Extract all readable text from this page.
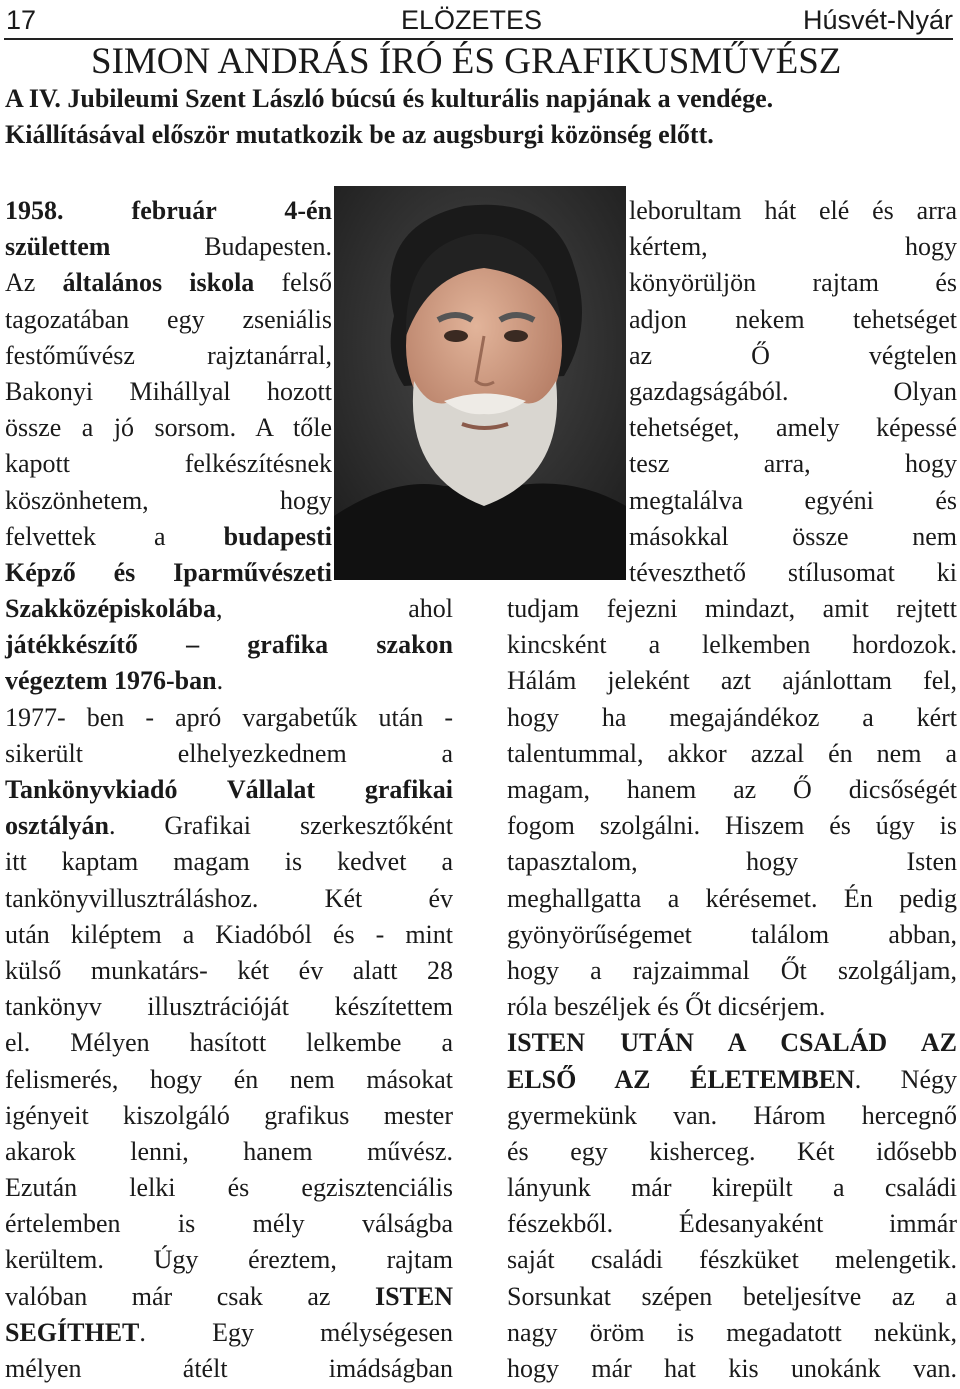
17	ELÖZETES	Húsvét-Nyár
SIMON ANDRÁS ÍRÓ ÉS GRAFIKUSMŰVÉSZ

A IV. Jubileumi Szent László búcsú és kulturális napjának a vendége.

Kiállításával először mutatkozik be az augsburgi közönség előtt.

1958. február 4-én
születtem Budapesten.
Az általános iskola felső
tagozatában egy zseniális
festőművész rajztanárral,
Bakonyi Mihállyal hozott
össze a jó sorsom. A tőle
kapott felkészítésnek
köszönhetem, hogy
felvettek a budapesti
Képző és Iparművészeti
Szakközépiskolába, ahol
játékkészítő – grafika szakon
végeztem 1976-ban.
1977- ben - apró vargabetűk után -
sikerült elhelyezkednem a
Tankönyvkiadó Vállalat grafikai
osztályán. Grafikai szerkesztőként
itt kaptam magam is kedvet a
tankönyvillusztráláshoz. Két év
után kiléptem a Kiadóból és - mint
külső munkatárs- két év alatt 28
tankönyv illusztrációját készítettem
el. Mélyen hasított lelkembe a
felismerés, hogy én nem másokat
igényeit kiszolgáló grafikus mester
akarok lenni, hanem művész.
Ezután lelki és egzisztenciális
értelemben is mély válságba
kerültem. Úgy éreztem, rajtam
valóban már csak az ISTEN
SEGÍTHET. Egy mélységesen
mélyen átélt imádságban
leborultam hát elé és arra
kértem, hogy
könyörüljön rajtam és
adjon nekem tehetséget
az Ő végtelen
gazdagságából. Olyan
tehetséget, amely képessé
tesz arra, hogy
megtalálva egyéni és
másokkal össze nem
téveszthető stílusomat ki
tudjam fejezni mindazt, amit rejtett
kincsként a lelkemben hordozok.
Hálám jeleként azt ajánlottam fel,
hogy ha megajándékoz a kért
talentummal, akkor azzal én nem a
magam, hanem az Ő dicsőségét
fogom szolgálni. Hiszem és úgy is
tapasztalom, hogy Isten
meghallgatta a kérésemet. Én pedig
gyönyörűségemet találom abban,
hogy a rajzaimmal Őt szolgáljam,
róla beszéljek és Őt dicsérjem.
ISTEN UTÁN A CSALÁD AZ
ELSŐ AZ ÉLETEMBEN. Négy
gyermekünk van. Három hercegnő
és egy kisherceg. Két idősebb
lányunk már kirepült a családi
fészekből. Édesanyaként immár
saját családi fészküket melengetik.
Sorsunkat szépen beteljesítve az a
nagy öröm is megadatott nekünk,
hogy már hat kis unokánk van.
